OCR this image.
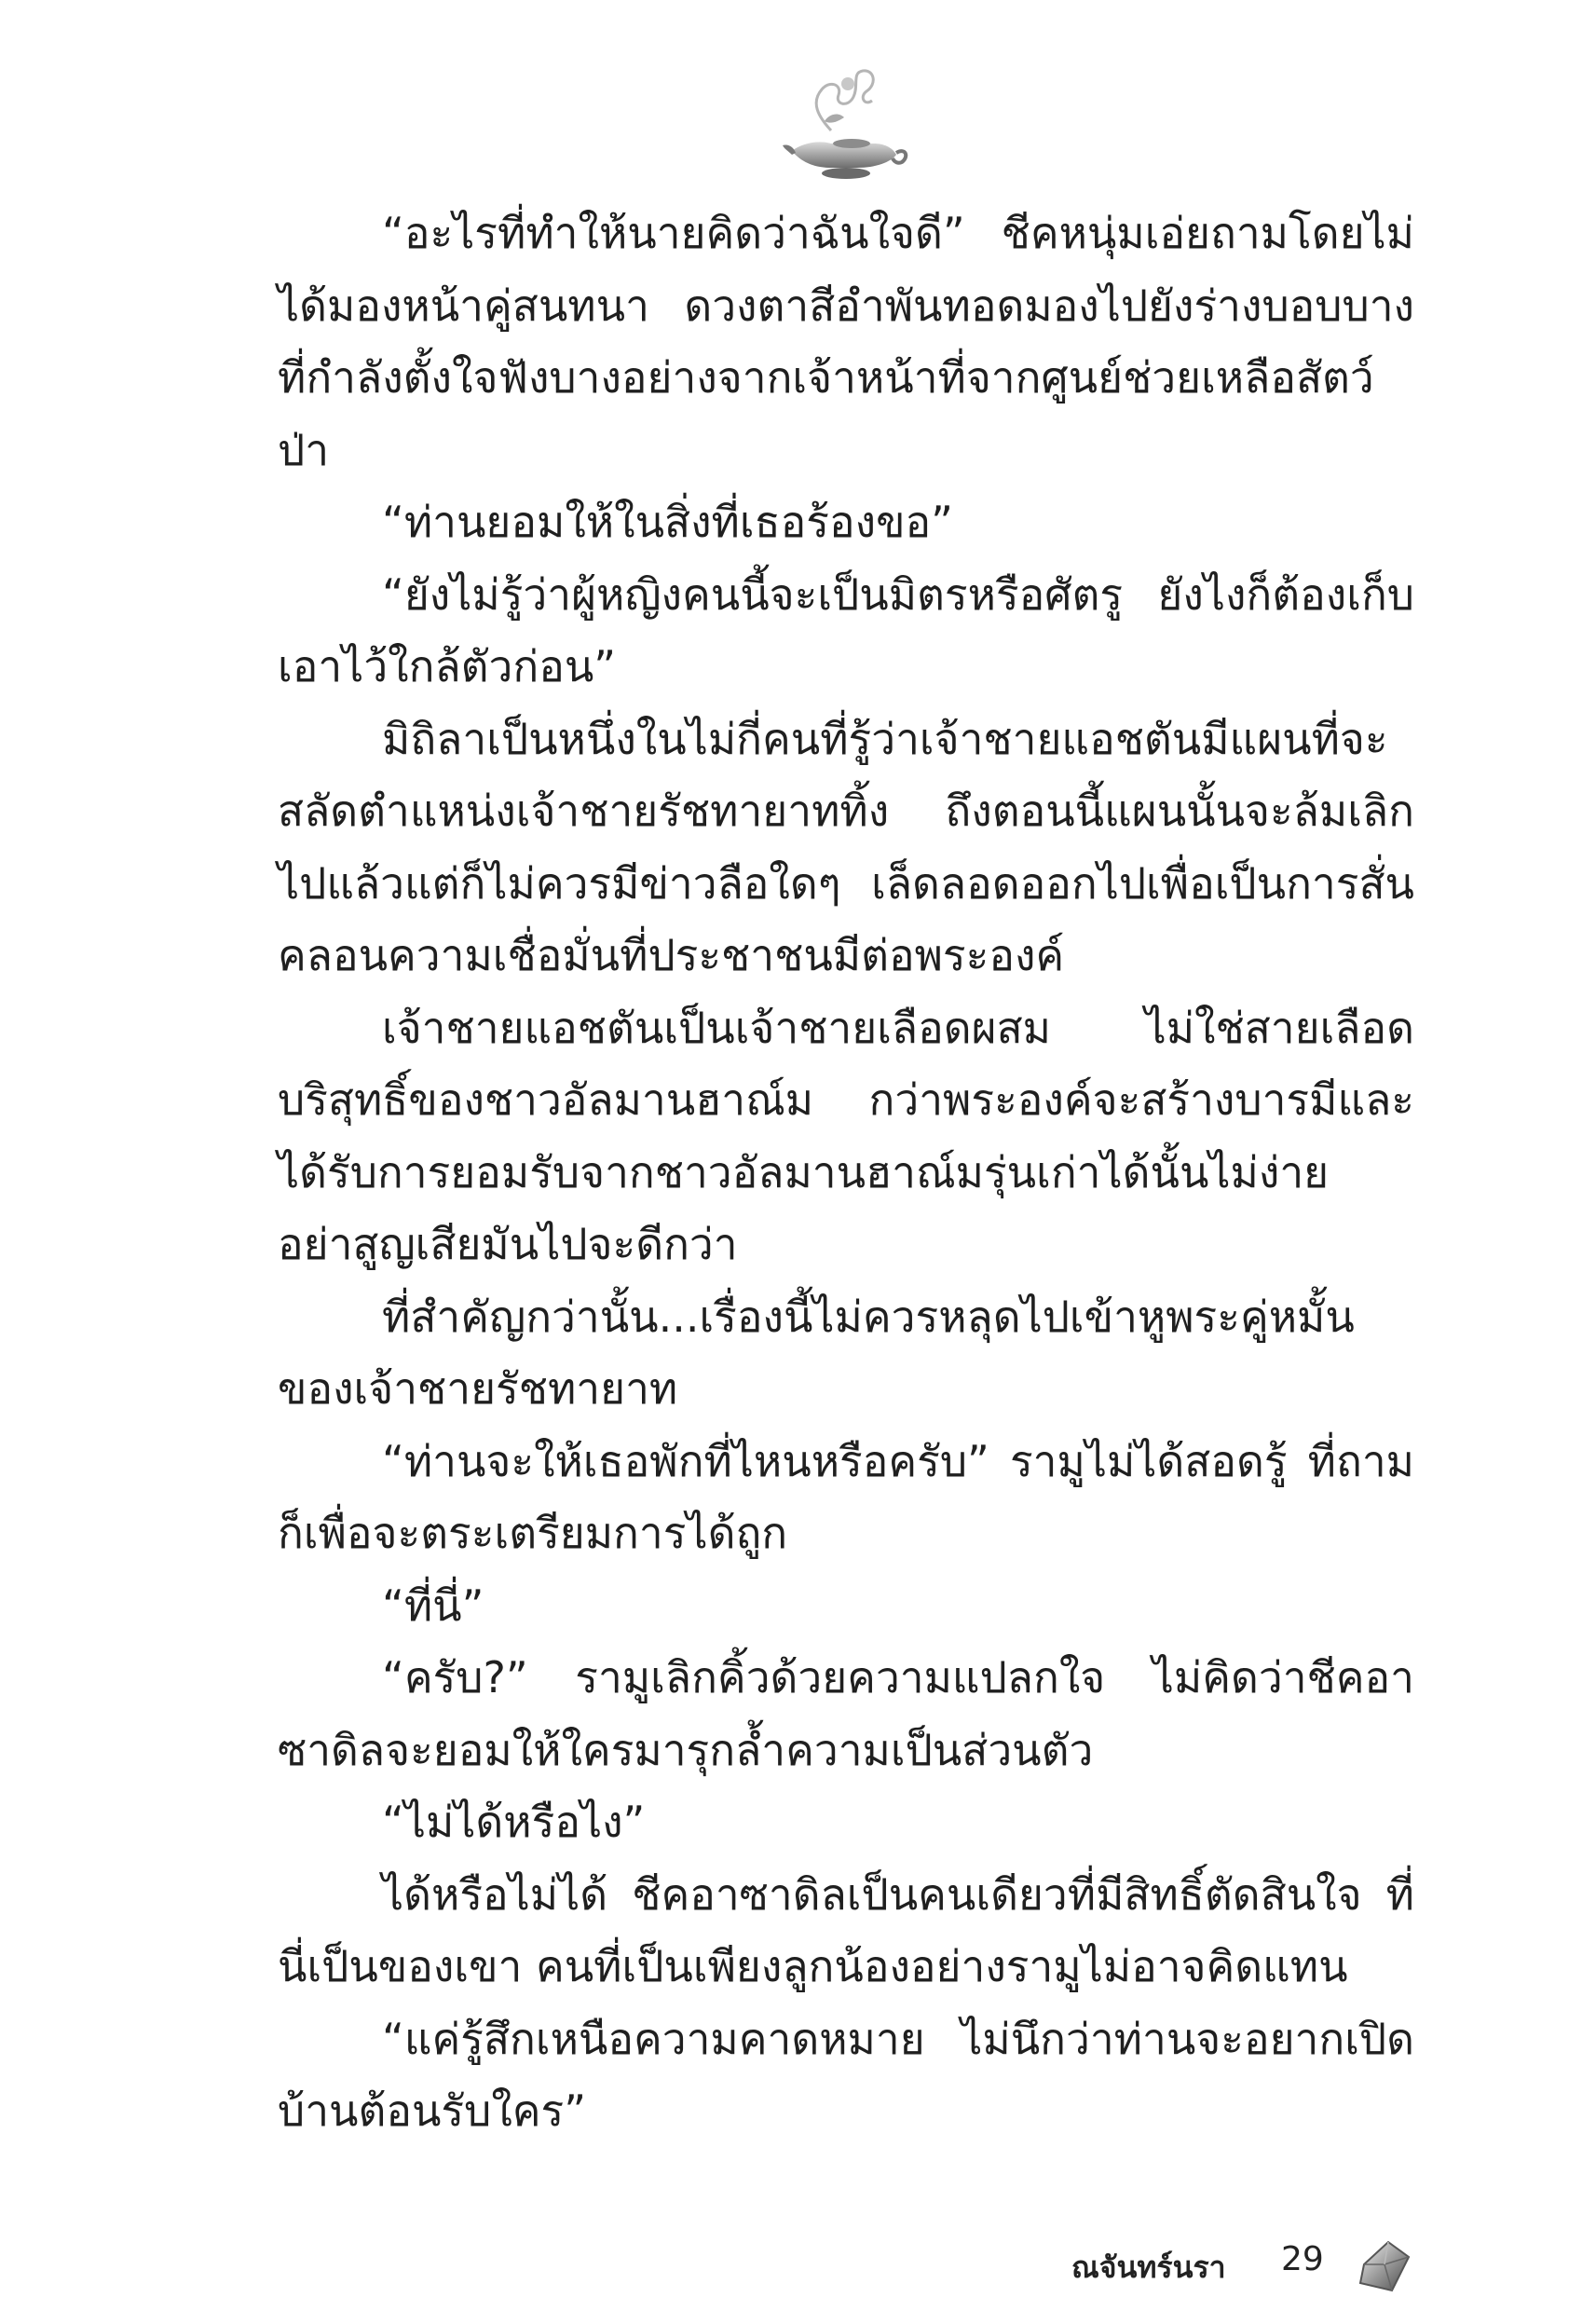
“อะไรที่ทำให้นายคิดว่าฉันใจดี” ชีคหนุ่มเอ่ยถามโดยไม่ได้มองหน้าคู่สนทนา ดวงตาสีอำพันทอดมองไปยังร่างบอบบางที่กำลังตั้งใจฟังบางอย่างจากเจ้าหน้าที่จากศูนย์ช่วยเหลือสัตว์ป่า

“ท่านยอมให้ในสิ่งที่เธอร้องขอ”

“ยังไม่รู้ว่าผู้หญิงคนนี้จะเป็นมิตรหรือศัตรู ยังไงก็ต้องเก็บเอาไว้ใกล้ตัวก่อน”

มิถิลาเป็นหนึ่งในไม่กี่คนที่รู้ว่าเจ้าชายแอชตันมีแผนที่จะสลัดตำแหน่งเจ้าชายรัชทายาททิ้ง ถึงตอนนี้แผนนั้นจะล้มเลิกไปแล้วแต่ก็ไม่ควรมีข่าวลือใดๆ เล็ดลอดออกไปเพื่อเป็นการสั่นคลอนความเชื่อมั่นที่ประชาชนมีต่อพระองค์

เจ้าชายแอชตันเป็นเจ้าชายเลือดผสม ไม่ใช่สายเลือดบริสุทธิ์ของชาวอัลมานฮาณ์ม กว่าพระองค์จะสร้างบารมีและได้รับการยอมรับจากชาวอัลมานฮาณ์มรุ่นเก่าได้นั้นไม่ง่าย อย่าสูญเสียมันไปจะดีกว่า

ที่สำคัญกว่านั้น...เรื่องนี้ไม่ควรหลุดไปเข้าหูพระคู่หมั้นของเจ้าชายรัชทายาท

“ท่านจะให้เธอพักที่ไหนหรือครับ” รามูไม่ได้สอดรู้ ที่ถามก็เพื่อจะตระเตรียมการได้ถูก

“ที่นี่”

“ครับ?” รามูเลิกคิ้วด้วยความแปลกใจ ไม่คิดว่าชีคอาซาดิลจะยอมให้ใครมารุกล้ำความเป็นส่วนตัว

“ไม่ได้หรือไง”

ได้หรือไม่ได้ ชีคอาซาดิลเป็นคนเดียวที่มีสิทธิ์ตัดสินใจ ที่นี่เป็นของเขา คนที่เป็นเพียงลูกน้องอย่างรามูไม่อาจคิดแทน

“แค่รู้สึกเหนือความคาดหมาย ไม่นึกว่าท่านจะอยากเปิดบ้านต้อนรับใคร”

ณจันทร์นรา 29
